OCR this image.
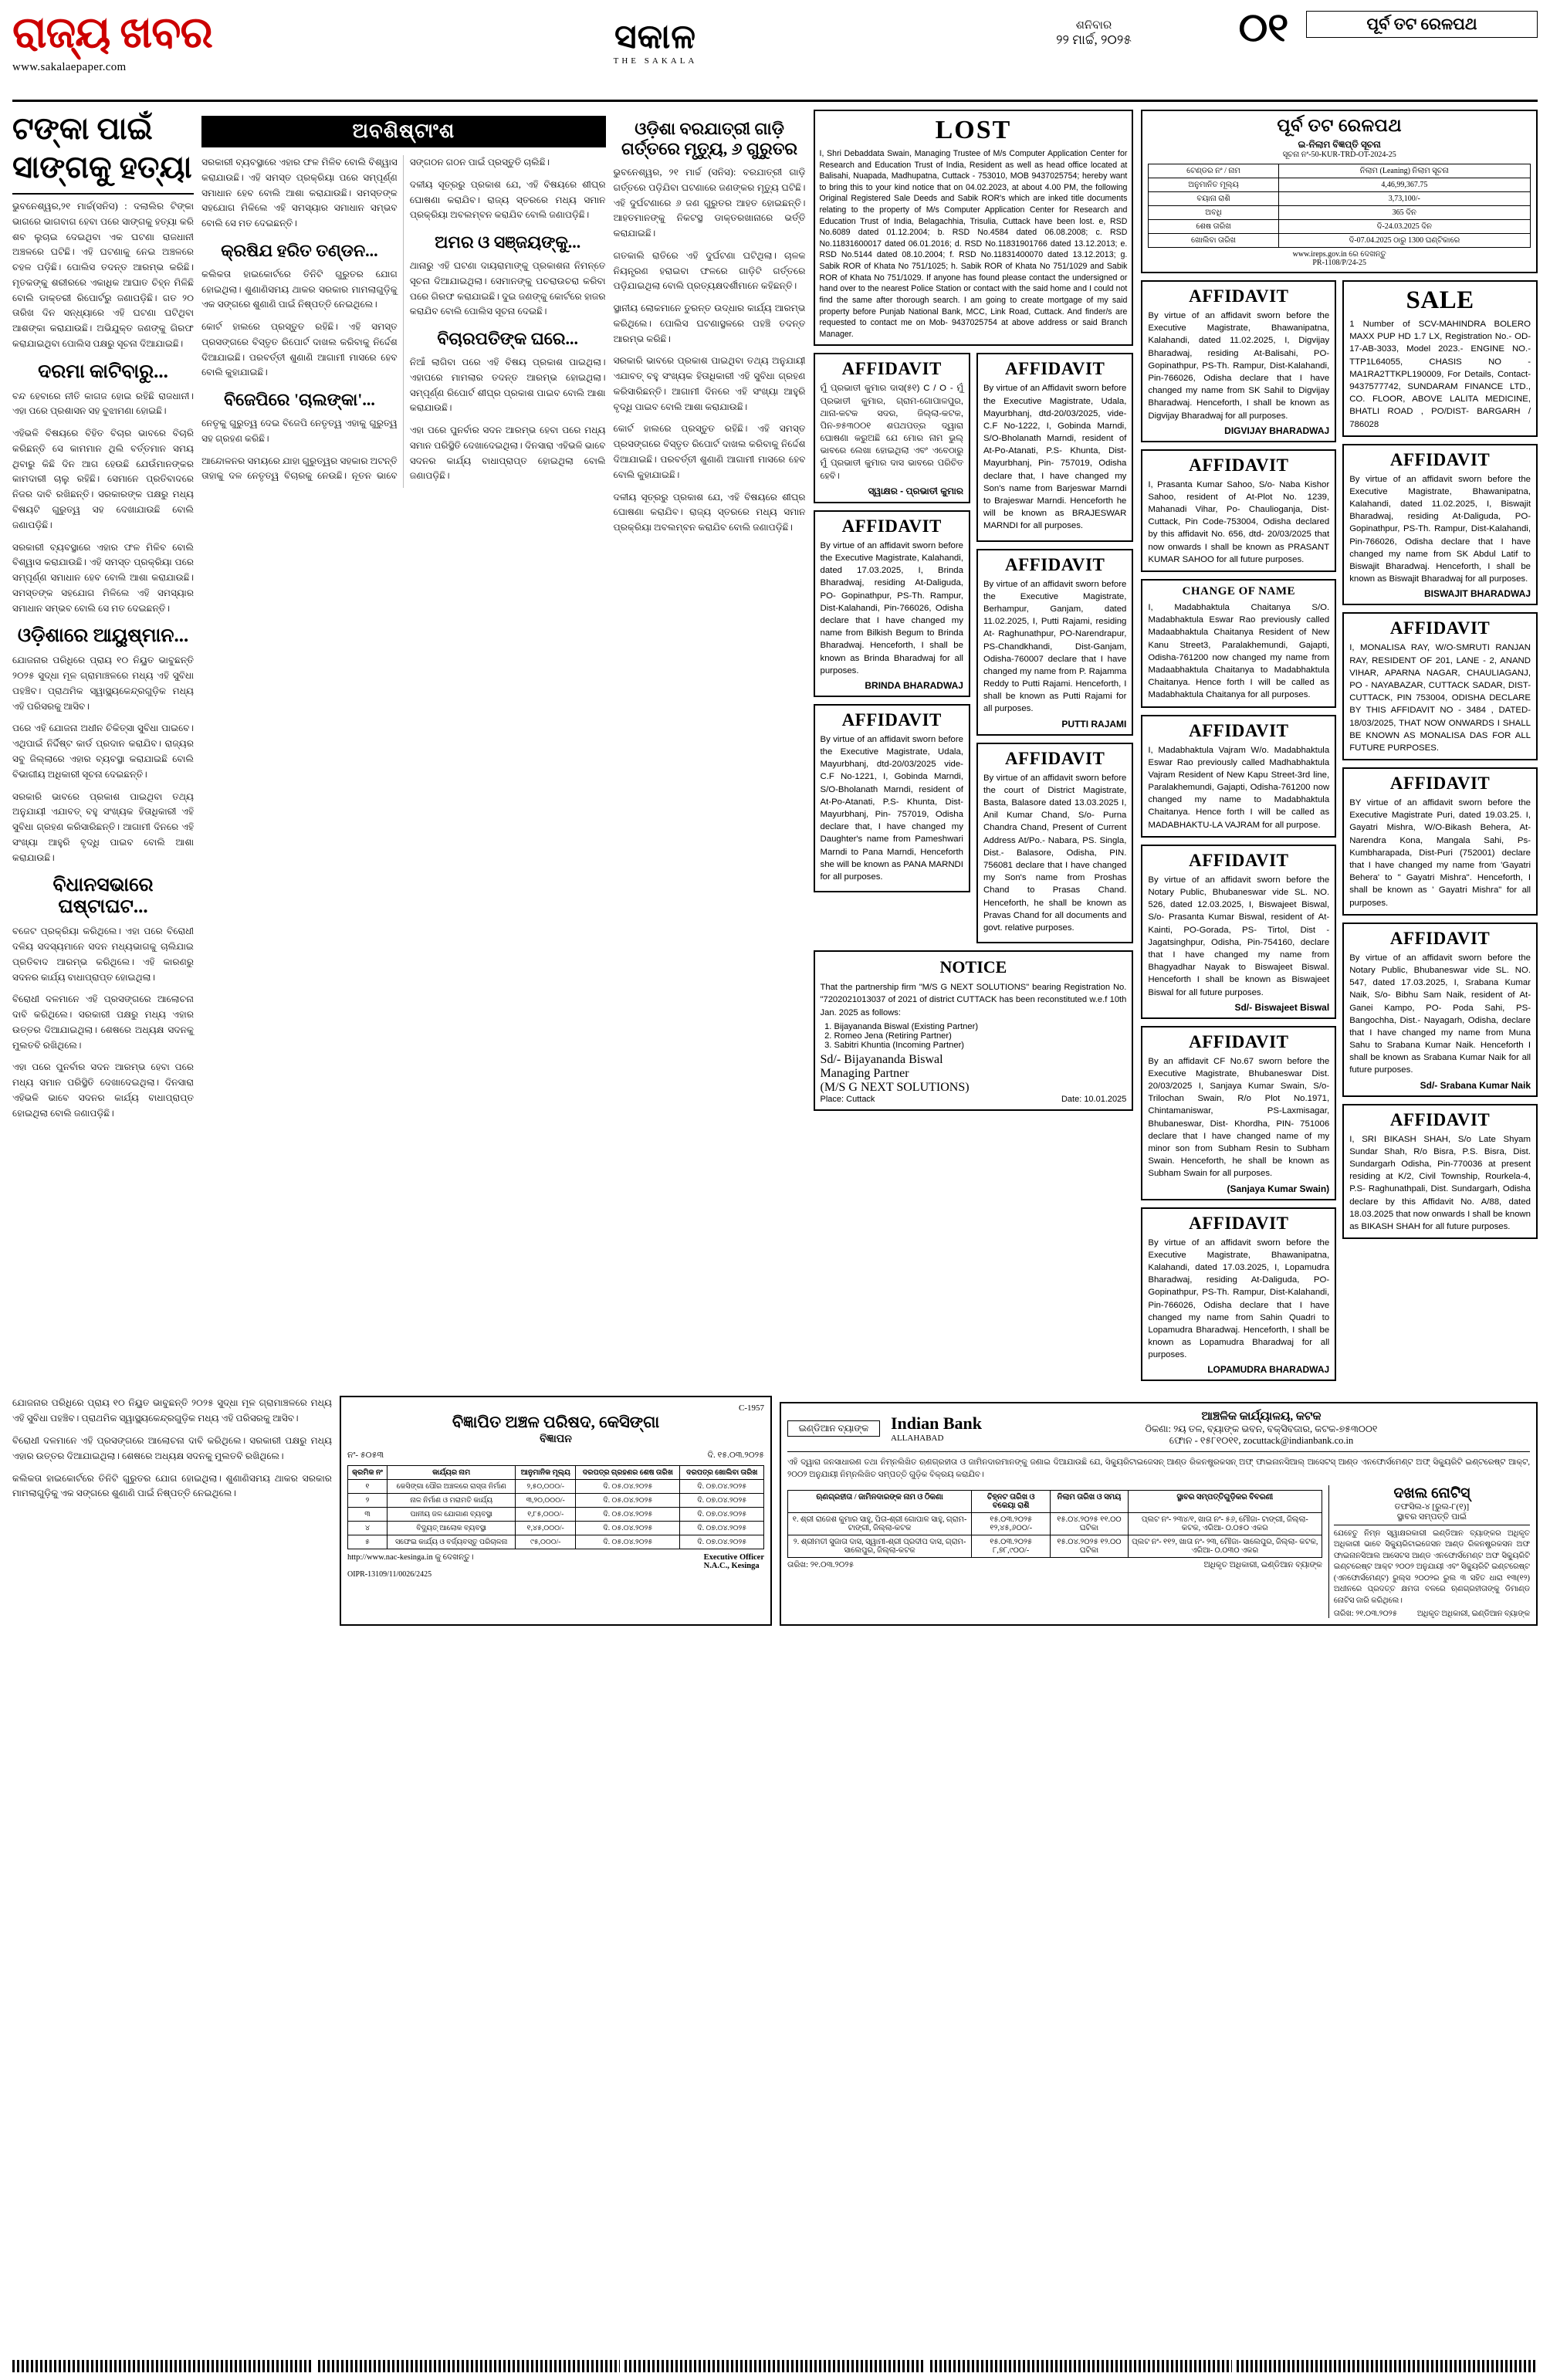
ରାଜ୍ୟ ଖବର
www.sakalaepaper.com
ସକାଳ
THE SAKALA
ଶନିବାର
୨୨ ମାର୍ଚ୍ଚ, ୨୦୨୫	୦୧	ପୂର୍ବ ତଟ ରେଳପଥ
ଟଙ୍କା ପାଇଁ ସାଙ୍ଗକୁ ହତ୍ୟା

ଭୁବନେଶ୍ୱର,୨୧ ମାର୍ଚ୍ଚ(ସନିସ) : ଦଲାଲିର ଟିଙ୍କା ଭାଗରେ ଭାଗବାଗ ହେବା ପରେ ସାଙ୍ଗକୁ ହତ୍ୟା କରି ଶବ ଲୁଚାଇ ଦେଇଥିବା ଏକ ଘଟଣା ରାଜଧାନୀ ଅଞ୍ଚଳରେ ଘଟିଛି। ଏହି ଘଟଣାକୁ ନେଇ ଅଞ୍ଚଳରେ ଚହଳ ପଡ଼ିଛି। ପୋଲିସ ତଦନ୍ତ ଆରମ୍ଭ କରିଛି। ମୃତକଙ୍କୁ ଶରୀରରେ ଏକାଧିକ ଆଘାତ ଚିହ୍ନ ମିଳିଛି ବୋଲି ଡାକ୍ତରୀ ରିପୋର୍ଟରୁ ଜଣାପଡ଼ିଛି। ଗତ ୨୦ ତାରିଖ ଦିନ ସନ୍ଧ୍ୟାରେ ଏହି ଘଟଣା ଘଟିଥିବା ଆଶଙ୍କା କରାଯାଉଛି। ଅଭିଯୁକ୍ତ ଜଣଙ୍କୁ ଗିରଫ କରାଯାଇଥିବା ପୋଲିସ ପକ୍ଷରୁ ସୂଚନା ଦିଆଯାଇଛି।

ଦରମା କାଟିବାରୁ...

ବନ୍ଦ ହେବାରେ ନୀତି କାଗଜ ହୋଇ ରହିଛି ରାଜଧାନୀ। ଏହା ପରେ ପ୍ରଶାସନ ସହ ବୁଝାମଣା ହୋଇଛି।

ଏହିଭଳି ବିଷୟରେ ବିହିତ ବିଚାର ଭାବରେ ବିଚାରି କରିଛନ୍ତି ସେ କାମମାନ ଥିଲି ବର୍ତ୍ତମାନ ସମୟ ଥିବାରୁ କିଛି ଦିନ ଆଗ ହେଉଛି ଯେଉଁମାନଙ୍କର କାମଦାରୀ ଚାଲୁ ରହିଛି। ସେମାନେ ପ୍ରତିବାଦରେ ନିଜର ଦାବି ରଖିଛନ୍ତି। ସରକାରଙ୍କ ପକ୍ଷରୁ ମଧ୍ୟ ବିଷୟଟି ଗୁରୁତ୍ୱ ସହ ଦେଖାଯାଉଛି ବୋଲି ଜଣାପଡ଼ିଛି।

ସରକାରୀ ବ୍ୟବସ୍ଥାରେ ଏହାର ଫଳ ମିଳିବ ବୋଲି ବିଶ୍ୱାସ କରାଯାଉଛି। ଏହି ସମସ୍ତ ପ୍ରକ୍ରିୟା ପରେ ସମ୍ପୂର୍ଣ୍ଣ ସମାଧାନ ହେବ ବୋଲି ଆଶା କରାଯାଉଛି। ସମସ୍ତଙ୍କ ସହଯୋଗ ମିଳିଲେ ଏହି ସମସ୍ୟାର ସମାଧାନ ସମ୍ଭବ ବୋଲି ସେ ମତ ଦେଇଛନ୍ତି।

ଓଡ଼ିଶାରେ ଆୟୁଷ୍ମାନ...

ଯୋଜନାର ପରିଧିରେ ପ୍ରାୟ ୧୦ ନିୟୁତ ଭାବୁଛନ୍ତି ୨୦୨୫ ସୁଦ୍ଧା ମୂଳ ଗ୍ରାମାଞ୍ଚଳରେ ମଧ୍ୟ ଏହି ସୁବିଧା ପହଞ୍ଚିବ। ପ୍ରାଥମିକ ସ୍ୱାସ୍ଥ୍ୟକେନ୍ଦ୍ରଗୁଡ଼ିକ ମଧ୍ୟ ଏହି ପରିସରକୁ ଆସିବ।

ପରେ ଏହି ଯୋଜନା ଅଧୀନ ଚିକିତ୍ସା ସୁବିଧା ପାଇବେ। ଏଥିପାଇଁ ନିର୍ଦ୍ଦିଷ୍ଟ କାର୍ଡ ପ୍ରଦାନ କରାଯିବ। ରାଜ୍ୟର ସବୁ ଜିଲ୍ଲାରେ ଏହାର ବ୍ୟବସ୍ଥା କରାଯାଇଛି ବୋଲି ବିଭାଗୀୟ ଅଧିକାରୀ ସୂଚନା ଦେଇଛନ୍ତି।

ସରକାରି ଭାବରେ ପ୍ରକାଶ ପାଇଥିବା ତଥ୍ୟ ଅନୁଯାୟୀ ଏଯାବତ୍ ବହୁ ସଂଖ୍ୟକ ହିତାଧିକାରୀ ଏହି ସୁବିଧା ଗ୍ରହଣ କରିସାରିଛନ୍ତି। ଆଗାମୀ ଦିନରେ ଏହି ସଂଖ୍ୟା ଆହୁରି ବୃଦ୍ଧି ପାଇବ ବୋଲି ଆଶା କରାଯାଉଛି।

ବିଧାନସଭାରେ ଘଷ୍ଟାଘଟ...

ବଜେଟ ପ୍ରକ୍ରିୟା କରିଥିଲେ। ଏହା ପରେ ବିରୋଧୀ ଦଳିୟ ସଦସ୍ୟମାନେ ସଦନ ମଧ୍ୟଭାଗକୁ ଚାଲିଯାଇ ପ୍ରତିବାଦ ଆରମ୍ଭ କରିଥିଲେ। ଏହି କାରଣରୁ ସଦନର କାର୍ଯ୍ୟ ବାଧାପ୍ରାପ୍ତ ହୋଇଥିଲା।

ବିରୋଧୀ ଦଳମାନେ ଏହି ପ୍ରସଙ୍ଗରେ ଆଲୋଚନା ଦାବି କରିଥିଲେ। ସରକାରୀ ପକ୍ଷରୁ ମଧ୍ୟ ଏହାର ଉତ୍ତର ଦିଆଯାଇଥିଲା। ଶେଷରେ ଅଧ୍ୟକ୍ଷ ସଦନକୁ ମୁଲତବି ରଖିଥିଲେ।

ଏହା ପରେ ପୁନର୍ବାର ସଦନ ଆରମ୍ଭ ହେବା ପରେ ମଧ୍ୟ ସମାନ ପରିସ୍ଥିତି ଦେଖାଦେଇଥିଲା। ଦିନସାରା ଏହିଭଳି ଭାବେ ସଦନର କାର୍ଯ୍ୟ ବାଧାପ୍ରାପ୍ତ ହୋଇଥିଲା ବୋଲି ଜଣାପଡ଼ିଛି।

ଅବଶିଷ୍ଟାଂଶ

ସରକାରୀ ବ୍ୟବସ୍ଥାରେ ଏହାର ଫଳ ମିଳିବ ବୋଲି ବିଶ୍ୱାସ କରାଯାଉଛି। ଏହି ସମସ୍ତ ପ୍ରକ୍ରିୟା ପରେ ସମ୍ପୂର୍ଣ୍ଣ ସମାଧାନ ହେବ ବୋଲି ଆଶା କରାଯାଉଛି। ସମସ୍ତଙ୍କ ସହଯୋଗ ମିଳିଲେ ଏହି ସମସ୍ୟାର ସମାଧାନ ସମ୍ଭବ ବୋଲି ସେ ମତ ଦେଇଛନ୍ତି।

କ୍ରଷିଯ ହରିତ ତଣ୍ଡନ...

କଲିକତା ହାଇକୋର୍ଟରେ ତିନିଟି ଗୁରୁତର ଯୋଗ ହୋଇଥିଲା। ଶୁଣାଣିସମୟ ଥାକର ସରକାର ମାମଲାଗୁଡ଼ିକୁ ଏକ ସଙ୍ଗରେ ଶୁଣାଣି ପାଇଁ ନିଷ୍ପତ୍ତି ନେଇଥିଲେ।

କୋର୍ଟ ହାଲରେ ପ୍ରସ୍ତୁତ ରହିଛି। ଏହି ସମସ୍ତ ପ୍ରସଙ୍ଗରେ ବିସ୍ତୃତ ରିପୋର୍ଟ ଦାଖଲ କରିବାକୁ ନିର୍ଦ୍ଦେଶ ଦିଆଯାଇଛି। ପରବର୍ତ୍ତୀ ଶୁଣାଣି ଆଗାମୀ ମାସରେ ହେବ ବୋଲି କୁହାଯାଇଛି।

ବିଜେପିରେ 'ଚାଲଙ୍କା'...

ନେତୃକୁ ଗୁରୁତ୍ୱ ଦେଇ ବିଜେପି ନେତୃତ୍ୱ ଏହାକୁ ଗୁରୁତ୍ୱ ସହ ଗ୍ରହଣ କରିଛି।

ଆନ୍ଦୋଳନର ସମୟରେ ଯାହା ଗୁରୁତ୍ୱର ସହକାର ଅଟନ୍ତି ତାହାକୁ ଦଳ ନେତୃତ୍ୱ ବିଚାରକୁ ନେଉଛି। ନୂତନ ଭାବେ ସଙ୍ଗଠନ ଗଠନ ପାଇଁ ପ୍ରସ୍ତୁତି ଚାଲିଛି।

ଦଳୀୟ ସୂତ୍ରରୁ ପ୍ରକାଶ ଯେ, ଏହି ବିଷୟରେ ଶୀଘ୍ର ଘୋଷଣା କରାଯିବ। ରାଜ୍ୟ ସ୍ତରରେ ମଧ୍ୟ ସମାନ ପ୍ରକ୍ରିୟା ଅବଲମ୍ବନ କରାଯିବ ବୋଲି ଜଣାପଡ଼ିଛି।

ଅମର ଓ ସଞ୍ଜୟଙ୍କୁ...

ଥାନାରୁ ଏହି ଘଟଣା ଦାୟରାମାଙ୍କୁ ପ୍ରକାଶନା ନିମନ୍ତେ ସୂଚନା ଦିଆଯାଇଥିଲା। ସେମାନଙ୍କୁ ପଚରାଉଚରା କରିବା ପରେ ଗିରଫ କରାଯାଇଛି। ଦୁଇ ଜଣଙ୍କୁ କୋର୍ଟରେ ହାଜର କରାଯିବ ବୋଲି ପୋଲିସ ସୂଚନା ଦେଇଛି।

ବିଚାରପତିଙ୍କ ଘରେ...

ନିଆଁ ଲାଗିବା ପରେ ଏହି ବିଷୟ ପ୍ରକାଶ ପାଇଥିଲା। ଏହାପରେ ମାମଲାର ତଦନ୍ତ ଆରମ୍ଭ ହୋଇଥିଲା। ସମ୍ପୂର୍ଣ୍ଣ ରିପୋର୍ଟ ଶୀଘ୍ର ପ୍ରକାଶ ପାଇବ ବୋଲି ଆଶା କରାଯାଉଛି।

ଏହା ପରେ ପୁନର୍ବାର ସଦନ ଆରମ୍ଭ ହେବା ପରେ ମଧ୍ୟ ସମାନ ପରିସ୍ଥିତି ଦେଖାଦେଇଥିଲା। ଦିନସାରା ଏହିଭଳି ଭାବେ ସଦନର କାର୍ଯ୍ୟ ବାଧାପ୍ରାପ୍ତ ହୋଇଥିଲା ବୋଲି ଜଣାପଡ଼ିଛି।

ଓଡ଼ିଶା ବରଯାତ୍ରୀ ଗାଡ଼ି ଗର୍ତ୍ତରେ ମୃତ୍ୟୁ, ୬ ଗୁରୁତର

ଭୁବନେଶ୍ୱର, ୨୧ ମାର୍ଚ୍ଚ (ସନିସ): ବରଯାତ୍ରୀ ଗାଡ଼ି ଗର୍ତ୍ତରେ ପଡ଼ିଯିବା ଘଟଣାରେ ଜଣଙ୍କର ମୃତ୍ୟୁ ଘଟିଛି। ଏହି ଦୁର୍ଘଟଣାରେ ୬ ଜଣ ଗୁରୁତର ଆହତ ହୋଇଛନ୍ତି। ଆହତମାନଙ୍କୁ ନିକଟସ୍ଥ ଡାକ୍ତରଖାନାରେ ଭର୍ତ୍ତି କରାଯାଇଛି।

ଗତକାଲି ରାତିରେ ଏହି ଦୁର୍ଘଟଣା ଘଟିଥିଲା। ଚାଳକ ନିୟନ୍ତ୍ରଣ ହରାଇବା ଫଳରେ ଗାଡ଼ିଟି ଗର୍ତ୍ତରେ ପଡ଼ିଯାଇଥିଲା ବୋଲି ପ୍ରତ୍ୟକ୍ଷଦର୍ଶୀମାନେ କହିଛନ୍ତି।

ସ୍ଥାନୀୟ ଲୋକମାନେ ତୁରନ୍ତ ଉଦ୍ଧାର କାର୍ଯ୍ୟ ଆରମ୍ଭ କରିଥିଲେ। ପୋଲିସ ଘଟଣାସ୍ଥଳରେ ପହଞ୍ଚି ତଦନ୍ତ ଆରମ୍ଭ କରିଛି।

ସରକାରି ଭାବରେ ପ୍ରକାଶ ପାଇଥିବା ତଥ୍ୟ ଅନୁଯାୟୀ ଏଯାବତ୍ ବହୁ ସଂଖ୍ୟକ ହିତାଧିକାରୀ ଏହି ସୁବିଧା ଗ୍ରହଣ କରିସାରିଛନ୍ତି। ଆଗାମୀ ଦିନରେ ଏହି ସଂଖ୍ୟା ଆହୁରି ବୃଦ୍ଧି ପାଇବ ବୋଲି ଆଶା କରାଯାଉଛି।

କୋର୍ଟ ହାଲରେ ପ୍ରସ୍ତୁତ ରହିଛି। ଏହି ସମସ୍ତ ପ୍ରସଙ୍ଗରେ ବିସ୍ତୃତ ରିପୋର୍ଟ ଦାଖଲ କରିବାକୁ ନିର୍ଦ୍ଦେଶ ଦିଆଯାଇଛି। ପରବର୍ତ୍ତୀ ଶୁଣାଣି ଆଗାମୀ ମାସରେ ହେବ ବୋଲି କୁହାଯାଇଛି।

ଦଳୀୟ ସୂତ୍ରରୁ ପ୍ରକାଶ ଯେ, ଏହି ବିଷୟରେ ଶୀଘ୍ର ଘୋଷଣା କରାଯିବ। ରାଜ୍ୟ ସ୍ତରରେ ମଧ୍ୟ ସମାନ ପ୍ରକ୍ରିୟା ଅବଲମ୍ବନ କରାଯିବ ବୋଲି ଜଣାପଡ଼ିଛି।

LOST

I, Shri Debaddata Swain, Managing Trustee of M/s Computer Application Center for Research and Education Trust of India, Resident as well as head office located at Balisahi, Nuapada, Madhupatna, Cuttack - 753010, MOB 9437025754; hereby want to bring this to your kind notice that on 04.02.2023, at about 4.00 PM, the following Original Registered Sale Deeds and Sabik ROR's which are inked title documents relating to the property of M/s Computer Application Center for Research and Education Trust of India, Belagachhia, Trisulia, Cuttack have been lost. e, RSD No.6089 dated 01.12.2004; b. RSD No.4584 dated 06.08.2008; c. RSD No.11831600017 dated 06.01.2016; d. RSD No.11831901766 dated 13.12.2013; e. RSD No.5144 dated 08.10.2004; f. RSD No.11831400070 dated 13.12.2013; g. Sabik ROR of Khata No 751/1025; h. Sabik ROR of Khata No 751/1029 and Sabik ROR of Khata No 751/1029. If anyone has found please contact the undersigned or hand over to the nearest Police Station or contact with the said home and I could not find the same after thorough search. I am going to create mortgage of my said property before Punjab National Bank, MCC, Link Road, Cuttack. And finder/s are requested to contact me on Mob- 9437025754 at above address or said Branch Manager.

AFFIDAVIT

ମୁଁ ପ୍ରଭାତୀ କୁମାର ଦାସ(୫୧) C / O - ମୁଁ ପ୍ରଭାତୀ କୁମାର, ଗ୍ରାମ-ଗୋପାଳପୁର, ଥାନା-କଟକ ସଦର, ଜିଲ୍ଲା-କଟକ, ପିନ-୭୫୩୦୦୧ ଶପଥପତ୍ର ଦ୍ୱାରା ଘୋଷଣା କରୁଅଛି ଯେ ମୋର ନାମ ଭୁଲ୍ ଭାବରେ ଲେଖା ହୋଇଥିଲା ଏବଂ ଏବେଠାରୁ ମୁଁ ପ୍ରଭାତୀ କୁମାର ଦାସ ଭାବରେ ପରିଚିତ ହେବି।

ସ୍ୱାକ୍ଷର - ପ୍ରଭାତୀ କୁମାର
AFFIDAVIT

By virtue of an affidavit sworn before the Executive Magistrate, Kalahandi, dated 17.03.2025, I, Brinda Bharadwaj, residing At-Daliguda, PO- Gopinathpur, PS-Th. Rampur, Dist-Kalahandi, Pin-766026, Odisha declare that I have changed my name from Bilkish Begum to Brinda Bharadwaj. Henceforth, I shall be known as Brinda Bharadwaj for all purposes.

BRINDA BHARADWAJ
AFFIDAVIT

By virtue of an affidavit sworn before the Executive Magistrate, Udala, Mayurbhanj, dtd-20/03/2025 vide-C.F No-1221, I, Gobinda Marndi, S/O-Bholanath Marndi, resident of At-Po-Atanati, P.S- Khunta, Dist-Mayurbhanj, Pin- 757019, Odisha declare that, I have changed my Daughter's name from Pameshwari Marndi to Pana Marndi, Henceforth she will be known as PANA MARNDI for all purposes.

AFFIDAVIT

By virtue of an Affidavit sworn before the Executive Magistrate, Udala, Mayurbhanj, dtd-20/03/2025, vide-C.F No-1222, I, Gobinda Marndi, S/O-Bholanath Marndi, resident of At-Po-Atanati, P.S- Khunta, Dist-Mayurbhanj, Pin- 757019, Odisha declare that, I have changed my Son's name from Barjeswar Marndi to Brajeswar Marndi. Henceforth he will be known as BRAJESWAR MARNDI for all purposes.

AFFIDAVIT

By virtue of an affidavit sworn before the Executive Magistrate, Berhampur, Ganjam, dated 11.02.2025, I, Putti Rajami, residing At- Raghunathpur, PO-Narendrapur, PS-Chandkhandi, Dist-Ganjam, Odisha-760007 declare that I have changed my name from P. Rajamma Reddy to Putti Rajami. Henceforth, I shall be known as Putti Rajami for all purposes.

PUTTI RAJAMI
AFFIDAVIT

By virtue of an affidavit sworn before the court of District Magistrate, Basta, Balasore dated 13.03.2025 I, Anil Kumar Chand, S/o- Purna Chandra Chand, Present of Current Address At/Po.- Nabara, PS. Singla, Dist.- Balasore, Odisha, PIN. 756081 declare that I have changed my Son's name from Proshas Chand to Prasas Chand. Henceforth, he shall be known as Pravas Chand for all documents and govt. relative purposes.

NOTICE

That the partnership firm "M/S G NEXT SOLUTIONS" bearing Registration No. "7202021013037 of 2021 of district CUTTACK has been reconstituted w.e.f 10th Jan. 2025 as follows:

1. Bijayananda Biswal (Existing Partner)
2. Romeo Jena (Retiring Partner)
3. Sabitri Khuntia (Incoming Partner)
Sd/- Bijayananda Biswal
Managing Partner
(M/S G NEXT SOLUTIONS)
Place: Cuttack	Date: 10.01.2025
ପୂର୍ବ ତଟ ରେଳପଥ
ଇ-ନିଲାମ ବିଜ୍ଞପ୍ତି ସୂଚନା
ସୂଚନା ନଂ-50-KUR-TRD-OT-2024-25
ଟେଣ୍ଡର ନଂ / ନାମ	ନିଲାମ (Leaning) ନିଲାମ ସୂଚନା
ଅନୁମାନିତ ମୂଲ୍ୟ	4,46,99,367.75
ବୟାନା ରାଶି	3,73,100/-
ଅବଧି	365 ଦିନ
ଶେଷ ତାରିଖ	ଦି-24.03.2025 ଦିନ
ଖୋଲିବା ତାରିଖ	ଦି-07.04.2025 ଠାରୁ 1300 ଘଣ୍ଟିକାରେ
www.ireps.gov.in ରେ ଦେଖନ୍ତୁ
PR-1108/P/24-25
AFFIDAVIT

By virtue of an affidavit sworn before the Executive Magistrate, Bhawanipatna, Kalahandi, dated 11.02.2025, I, Digvijay Bharadwaj, residing At-Balisahi, PO-Gopinathpur, PS-Th. Rampur, Dist-Kalahandi, Pin-766026, Odisha declare that I have changed my name from SK Sahil to Digvijay Bharadwaj. Henceforth, I shall be known as Digvijay Bharadwaj for all purposes.

DIGVIJAY BHARADWAJ
AFFIDAVIT

I, Prasanta Kumar Sahoo, S/o- Naba Kishor Sahoo, resident of At-Plot No. 1239, Mahanadi Vihar, Po- Chaulioganja, Dist-Cuttack, Pin Code-753004, Odisha declared by this affidavit No. 656, dtd- 20/03/2025 that now onwards I shall be known as PRASANT KUMAR SAHOO for all future purposes.

CHANGE OF NAME

I, Madabhaktula Chaitanya S/O. Madabhaktula Eswar Rao previously called Madaabhaktula Chaitanya Resident of New Kanu Street3, Paralakhemundi, Gajapti, Odisha-761200 now changed my name from Madaabhaktula Chaitanya to Madabhaktula Chaitanya. Hence forth I will be called as Madabhaktula Chaitanya for all purposes.

AFFIDAVIT

I, Madabhaktula Vajram W/o. Madabhaktula Eswar Rao previously called Madhabhaktula Vajram Resident of New Kapu Street-3rd line, Paralakhemundi, Gajapti, Odisha-761200 now changed my name to Madabhaktula Chaitanya. Hence forth I will be called as MADABHAKTU-LA VAJRAM for all purpose.

AFFIDAVIT

By virtue of an affidavit sworn before the Notary Public, Bhubaneswar vide SL. NO. 526, dated 12.03.2025, I, Biswajeet Biswal, S/o- Prasanta Kumar Biswal, resident of At- Kainti, PO-Gorada, PS- Tirtol, Dist - Jagatsinghpur, Odisha, Pin-754160, declare that I have changed my name from Bhagyadhar Nayak to Biswajeet Biswal. Henceforth I shall be known as Biswajeet Biswal for all future purposes.

Sd/- Biswajeet Biswal
AFFIDAVIT

By an affidavit CF No.67 sworn before the Executive Magistrate, Bhubaneswar Dist. 20/03/2025 I, Sanjaya Kumar Swain, S/o-Trilochan Swain, R/o Plot No.1971, Chintamaniswar, PS-Laxmisagar, Bhubaneswar, Dist- Khordha, PIN- 751006 declare that I have changed name of my minor son from Subham Resin to Subham Swain. Henceforth, he shall be known as Subham Swain for all purposes.

(Sanjaya Kumar Swain)
AFFIDAVIT

By virtue of an affidavit sworn before the Executive Magistrate, Bhawanipatna, Kalahandi, dated 17.03.2025, I, Lopamudra Bharadwaj, residing At-Daliguda, PO-Gopinathpur, PS-Th. Rampur, Dist-Kalahandi, Pin-766026, Odisha declare that I have changed my name from Sahin Quadri to Lopamudra Bharadwaj. Henceforth, I shall be known as Lopamudra Bharadwaj for all purposes.

LOPAMUDRA BHARADWAJ
SALE

1 Number of SCV-MAHINDRA BOLERO MAXX PUP HD 1.7 LX, Registration No.- OD-17-AB-3033, Model 2023.- ENGINE NO.-TTP1L64055, CHASIS NO - MA1RA2TTKPL190009, For Details, Contact-9437577742, SUNDARAM FINANCE LTD., CO. FLOOR, ABOVE LALITA MEDICINE, BHATLI ROAD , PO/DIST- BARGARH / 786028

AFFIDAVIT

By virtue of an affidavit sworn before the Executive Magistrate, Bhawanipatna, Kalahandi, dated 11.02.2025, I, Biswajit Bharadwaj, residing At-Daliguda, PO-Gopinathpur, PS-Th. Rampur, Dist-Kalahandi, Pin-766026, Odisha declare that I have changed my name from SK Abdul Latif to Biswajit Bharadwaj. Henceforth, I shall be known as Biswajit Bharadwaj for all purposes.

BISWAJIT BHARADWAJ
AFFIDAVIT

I, MONALISA RAY, W/O-SMRUTI RANJAN RAY, RESIDENT OF 201, LANE - 2, ANAND VIHAR, APARNA NAGAR, CHAULIAGANJ, PO - NAYABAZAR, CUTTACK SADAR, DIST- CUTTACK, PIN 753004, ODISHA DECLARE BY THIS AFFIDAVIT NO - 3484 , DATED- 18/03/2025, THAT NOW ONWARDS I SHALL BE KNOWN AS MONALISA DAS FOR ALL FUTURE PURPOSES.

AFFIDAVIT

BY virtue of an affidavit sworn before the Executive Magistrate Puri, dated 19.03.25. I, Gayatri Mishra, W/O-Bikash Behera, At-Narendra Kona, Mangala Sahi, Ps- Kumbharapada, Dist-Puri (752001) declare that I have changed my name from 'Gayatri Behera' to " Gayatri Mishra". Henceforth, I shall be known as ' Gayatri Mishra" for all purposes.

AFFIDAVIT

By virtue of an affidavit sworn before the Notary Public, Bhubaneswar vide SL. NO. 547, dated 17.03.2025, I, Srabana Kumar Naik, S/o- Bibhu Sam Naik, resident of At- Ganei Kampo, PO- Poda Sahi, PS-Bangochha, Dist.- Nayagarh, Odisha, declare that I have changed my name from Muna Sahu to Srabana Kumar Naik. Henceforth I shall be known as Srabana Kumar Naik for all future purposes.

Sd/- Srabana Kumar Naik
AFFIDAVIT

I, SRI BIKASH SHAH, S/o Late Shyam Sundar Shah, R/o Bisra, P.S. Bisra, Dist. Sundargarh Odisha, Pin-770036 at present residing at K/2, Civil Township, Rourkela-4, P.S- Raghunathpali, Dist. Sundargarh, Odisha declare by this Affidavit No. A/88, dated 18.03.2025 that now onwards I shall be known as BIKASH SHAH for all future purposes.

ଯୋଜନାର ପରିଧିରେ ପ୍ରାୟ ୧୦ ନିୟୁତ ଭାବୁଛନ୍ତି ୨୦୨୫ ସୁଦ୍ଧା ମୂଳ ଗ୍ରାମାଞ୍ଚଳରେ ମଧ୍ୟ ଏହି ସୁବିଧା ପହଞ୍ଚିବ। ପ୍ରାଥମିକ ସ୍ୱାସ୍ଥ୍ୟକେନ୍ଦ୍ରଗୁଡ଼ିକ ମଧ୍ୟ ଏହି ପରିସରକୁ ଆସିବ।

ବିରୋଧୀ ଦଳମାନେ ଏହି ପ୍ରସଙ୍ଗରେ ଆଲୋଚନା ଦାବି କରିଥିଲେ। ସରକାରୀ ପକ୍ଷରୁ ମଧ୍ୟ ଏହାର ଉତ୍ତର ଦିଆଯାଇଥିଲା। ଶେଷରେ ଅଧ୍ୟକ୍ଷ ସଦନକୁ ମୁଲତବି ରଖିଥିଲେ।

କଲିକତା ହାଇକୋର୍ଟରେ ତିନିଟି ଗୁରୁତର ଯୋଗ ହୋଇଥିଲା। ଶୁଣାଣିସମୟ ଥାକର ସରକାର ମାମଲାଗୁଡ଼ିକୁ ଏକ ସଙ୍ଗରେ ଶୁଣାଣି ପାଇଁ ନିଷ୍ପତ୍ତି ନେଇଥିଲେ।

C-1957
ବିଜ୍ଞାପିତ ଅଞ୍ଚଳ ପରିଷଦ, କେସିଙ୍ଗା
ବିଜ୍ଞାପନ
ନଂ- ୫୦୫୩	ଦି. ୧୫.୦୩.୨୦୨୫
କ୍ରମିକ ନଂ	କାର୍ଯ୍ୟର ନାମ	ଆନୁମାନିକ ମୂଲ୍ୟ	ଦରପତ୍ର ଗ୍ରହଣର ଶେଷ ତାରିଖ	ଦରପତ୍ର ଖୋଲିବା ତାରିଖ
୧	କେସିଙ୍ଗା ପୌର ଅଞ୍ଚଳରେ ରାସ୍ତା ନିର୍ମାଣ	୨,୫୦,୦୦୦/-	ଦି. ୦୫.୦୪.୨୦୨୫	ଦି. ୦୭.୦୪.୨୦୨୫
୨	ନାଳ ନିର୍ମାଣ ଓ ମରାମତି କାର୍ଯ୍ୟ	୩,୨୦,୦୦୦/-	ଦି. ୦୫.୦୪.୨୦୨୫	ଦି. ୦୭.୦୪.୨୦୨୫
୩	ପାନୀୟ ଜଳ ଯୋଗାଣ ବ୍ୟବସ୍ଥା	୧,୮୫,୦୦୦/-	ଦି. ୦୫.୦୪.୨୦୨୫	ଦି. ୦୭.୦୪.୨୦୨୫
୪	ବିଦ୍ୟୁତ୍ ଆଲୋକ ବ୍ୟବସ୍ଥା	୧,୪୫,୦୦୦/-	ଦି. ୦୫.୦୪.୨୦୨୫	ଦି. ୦୭.୦୪.୨୦୨୫
୫	ସଫେଇ କାର୍ଯ୍ୟ ଓ ବର୍ଜ୍ୟବସ୍ତୁ ପରିଚାଳନା	୯୫,୦୦୦/-	ଦି. ୦୫.୦୪.୨୦୨୫	ଦି. ୦୭.୦୪.୨୦୨୫
http://www.nac-kesinga.in କୁ ଦେଖନ୍ତୁ।	Executive Officer
N.A.C., Kesinga
OIPR-13109/11/0026/2425
ଇଣ୍ଡିଆନ ବ୍ୟାଙ୍କ	Indian Bank
ALLAHABAD
ଆଞ୍ଚଳିକ କାର୍ଯ୍ୟାଳୟ, କଟକ
ଠିକଣା: ୨ୟ ତଳ, ବ୍ୟାଙ୍କ ଭବନ, ବକ୍ସିବଜାର, କଟକ-୭୫୩୦୦୧
ଫୋନ - ୧୫୮୧୦୧୧, zocuttack@indianbank.co.in
ଏହି ଦ୍ୱାରା ଜନସାଧାରଣ ତଥା ନିମ୍ନଲିଖିତ ଋଣଗ୍ରହୀତା ଓ ଜାମିନଦାରମାନଙ୍କୁ ଜଣାଇ ଦିଆଯାଉଛି ଯେ, ସିକ୍ୟୁରିଟାଇଜେସନ୍ ଆଣ୍ଡ ରିକନଷ୍ଟ୍ରକସନ୍ ଅଫ୍ ଫାଇନାନସିଆଲ୍ ଆସେଟସ୍ ଆଣ୍ଡ ଏନଫୋର୍ସମେଣ୍ଟ ଅଫ୍ ସିକ୍ୟୁରିଟି ଇଣ୍ଟରେଷ୍ଟ ଆକ୍ଟ, ୨୦୦୨ ଅନୁଯାୟୀ ନିମ୍ନଲିଖିତ ସମ୍ପତ୍ତି ଗୁଡ଼ିକ ବିକ୍ରୟ କରାଯିବ।
ଋଣଗ୍ରହୀତା / ଜାମିନଦାରଙ୍କ ନାମ ଓ ଠିକଣା	ଚିହ୍ନଟ ତାରିଖ ଓ ବକେୟା ରାଶି	ନିଲାମ ତାରିଖ ଓ ସମୟ	ସ୍ଥାବର ସମ୍ପତ୍ତିଗୁଡ଼ିକର ବିବରଣୀ
୧. ଶ୍ରୀ ରାଜେଶ କୁମାର ସାହୁ, ପିତା-ଶ୍ରୀ ଗୋପାଳ ସାହୁ, ଗ୍ରାମ-ଟାଙ୍ଗୀ, ଜିଲ୍ଲା-କଟକ	୧୫.୦୩.୨୦୨୫ ୧୨,୪୫,୬୦୦/-	୧୫.୦୪.୨୦୨୫ ୧୧.୦୦ ଘଟିକା	ପ୍ଲଟ ନଂ- ୨୩୪/୧, ଖାତା ନଂ- ୫୬, ମୌଜା- ଟାଙ୍ଗୀ, ଜିଲ୍ଲା- କଟକ, ଏରିଆ- ୦.୦୫୦ ଏକର
୨. ଶ୍ରୀମତୀ ସୁଜାତା ଦାସ, ସ୍ୱାମୀ-ଶ୍ରୀ ପ୍ରଦୀପ ଦାସ, ଗ୍ରାମ-ସାଲେପୁର, ଜିଲ୍ଲା-କଟକ	୧୫.୦୩.୨୦୨୫ ୮,୭୮,୯୦୦/-	୧୫.୦୪.୨୦୨୫ ୧୨.୦୦ ଘଟିକା	ପ୍ଲଟ ନଂ- ୧୧୨, ଖାତା ନଂ- ୨୩, ମୌଜା- ସାଲେପୁର, ଜିଲ୍ଲା- କଟକ, ଏରିଆ- ୦.୦୩୦ ଏକର
ତାରିଖ: ୨୧.୦୩.୨୦୨୫	ଅଧିକୃତ ଅଧିକାରୀ, ଇଣ୍ଡିଆନ ବ୍ୟାଙ୍କ
ଦଖଲ ନୋଟିସ୍
ତଫସିଲ-୪ [ରୁଲ-୮(୧)]
ସ୍ଥାବର ସମ୍ପତ୍ତି ପାଇଁ
ଯେହେତୁ ନିମ୍ନ ସ୍ୱାକ୍ଷରକାରୀ ଇଣ୍ଡିଆନ ବ୍ୟାଙ୍କର ଅଧିକୃତ ଅଧିକାରୀ ଭାବେ ସିକ୍ୟୁରିଟାଇଜେସନ ଆଣ୍ଡ ରିକନଷ୍ଟ୍ରକସନ ଅଫ ଫାଇନାନସିଆଲ ଆସେଟସ ଆଣ୍ଡ ଏନଫୋର୍ସମେଣ୍ଟ ଅଫ ସିକ୍ୟୁରିଟି ଇଣ୍ଟରେଷ୍ଟ ଆକ୍ଟ ୨୦୦୨ ଅନୁଯାୟୀ ଏବଂ ସିକ୍ୟୁରିଟି ଇଣ୍ଟରେଷ୍ଟ (ଏନଫୋର୍ସମେଣ୍ଟ) ରୁଲ୍ସ ୨୦୦୨ର ରୁଲ ୩ ସହିତ ଧାରା ୧୩(୧୨) ଅଧୀନରେ ପ୍ରଦତ୍ତ କ୍ଷମତା ବଳରେ ଋଣଗ୍ରହୀତାଙ୍କୁ ଡିମାଣ୍ଡ ନୋଟିସ ଜାରି କରିଥିଲେ।
ତାରିଖ: ୨୧.୦୩.୨୦୨୫	ଅଧିକୃତ ଅଧିକାରୀ, ଇଣ୍ଡିଆନ ବ୍ୟାଙ୍କ
